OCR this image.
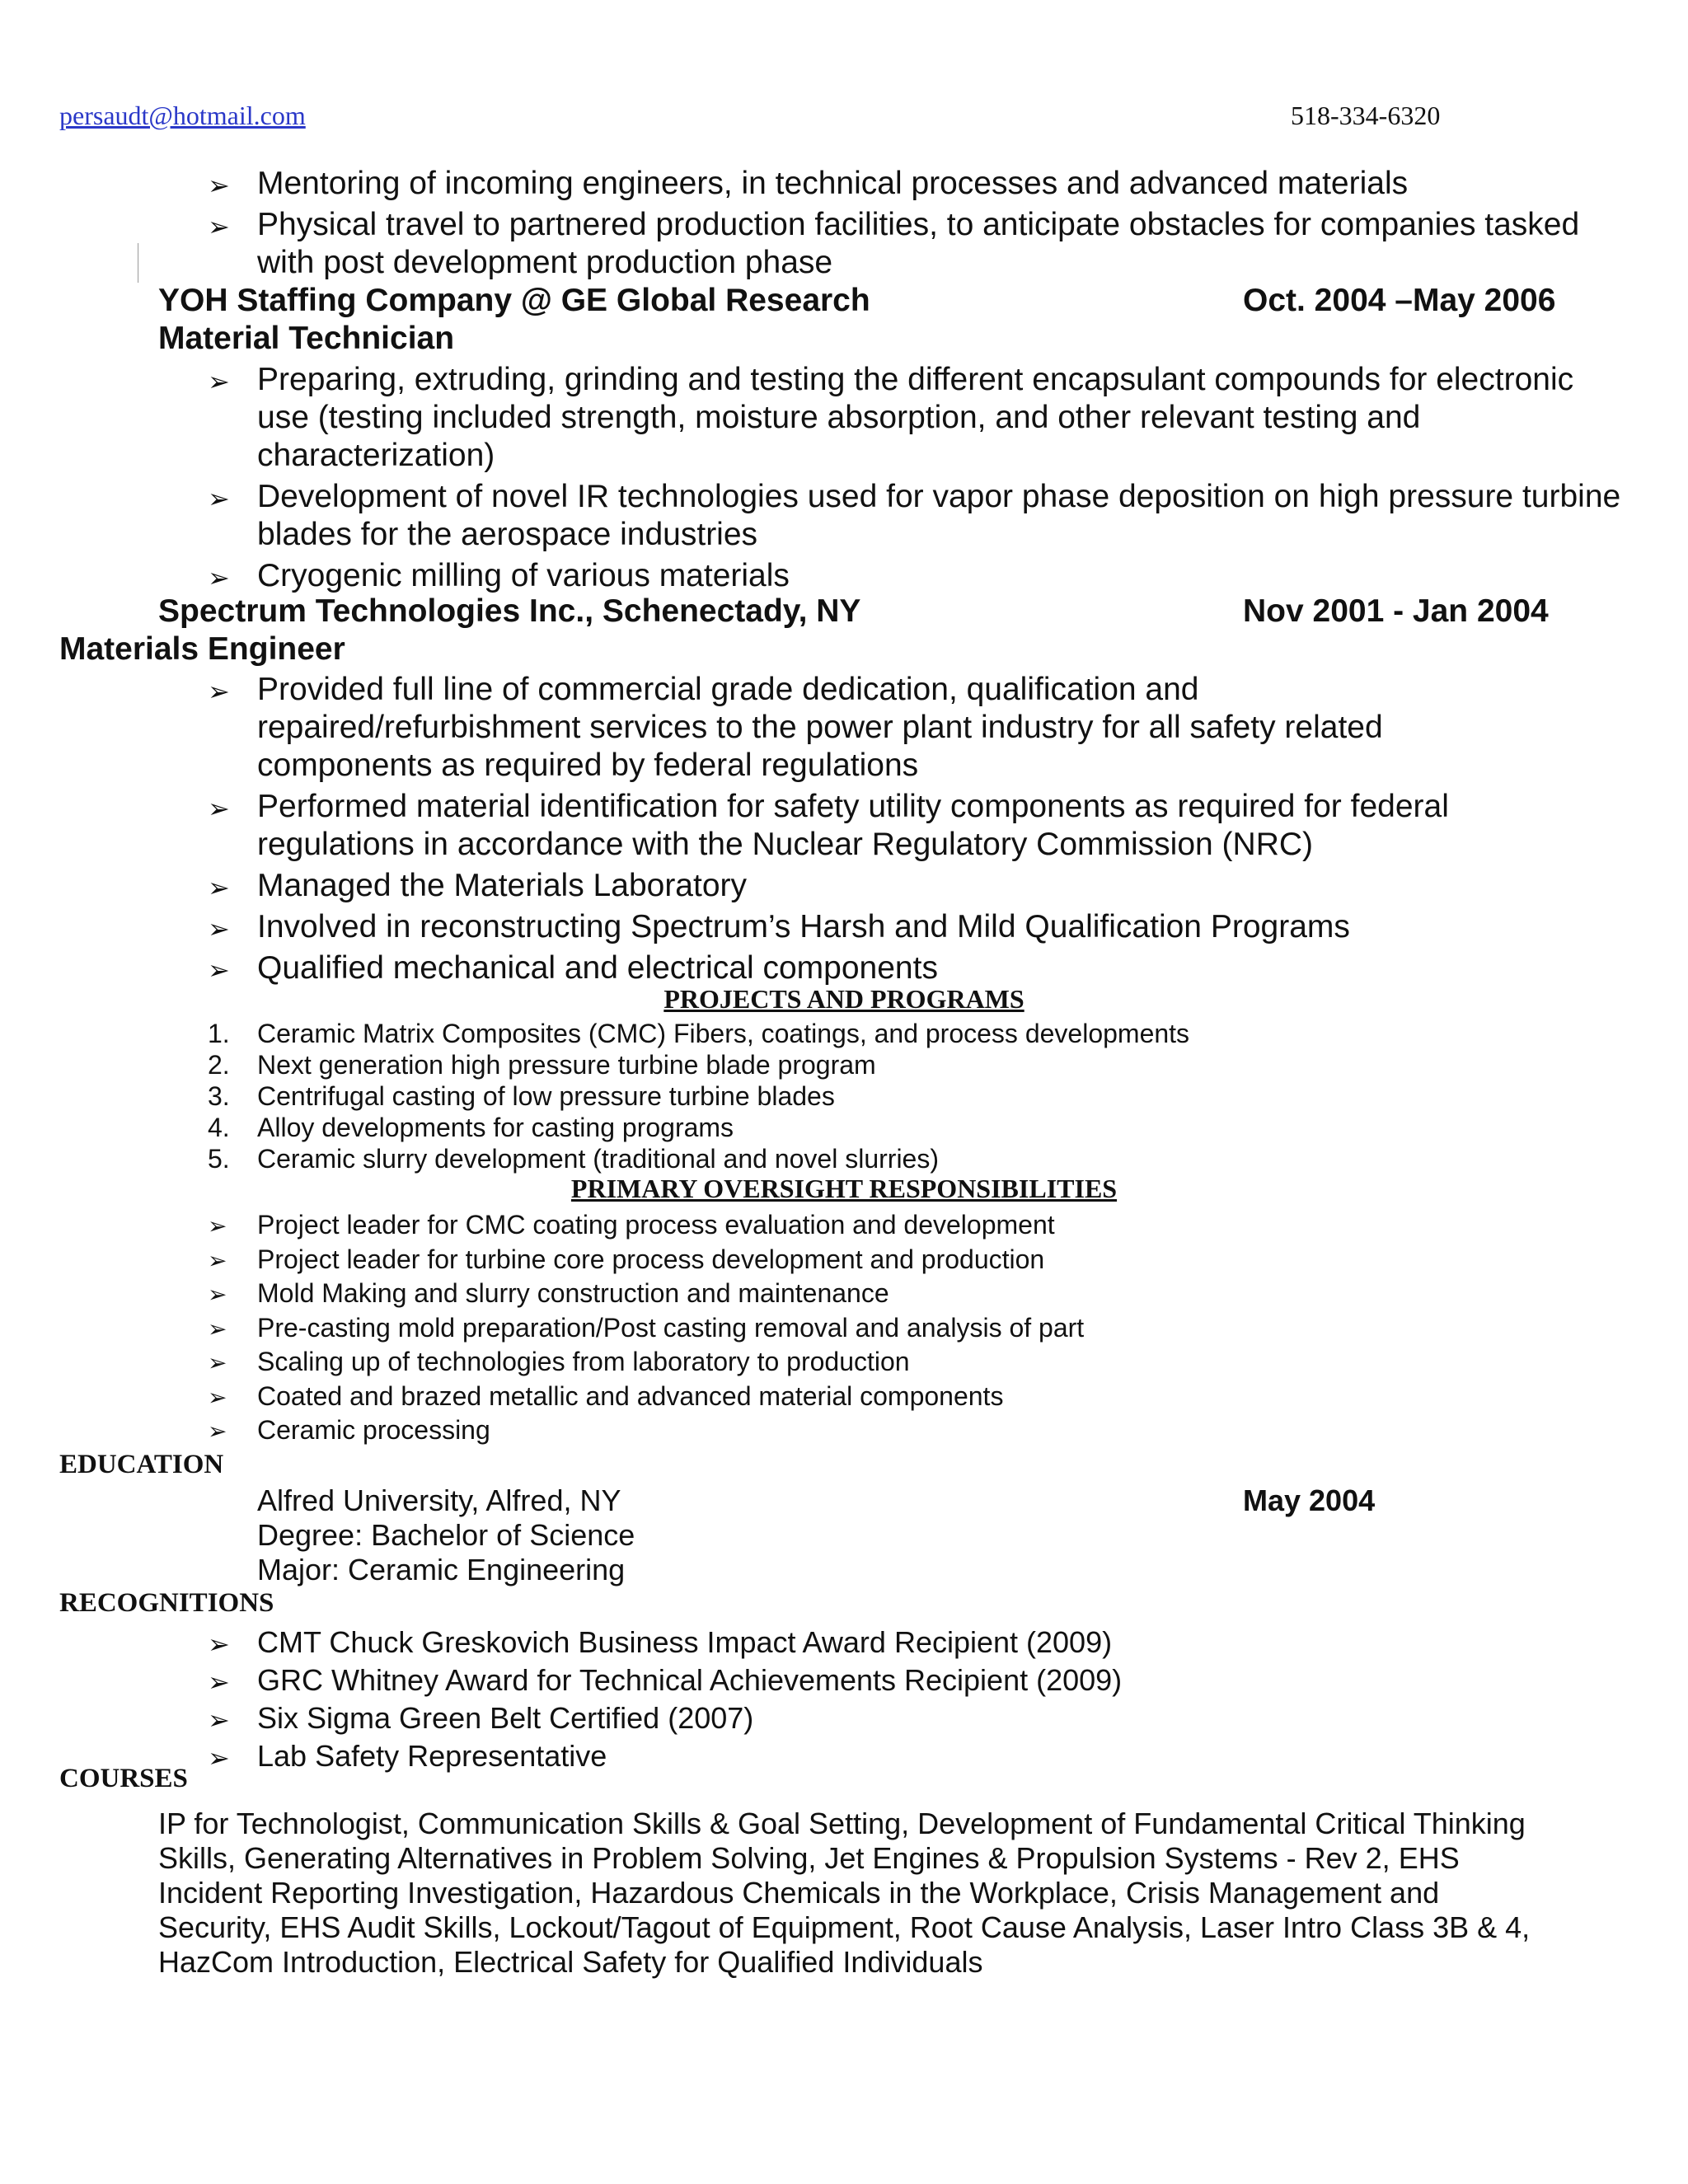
persaudt@hotmail.com	518-334-6320
➢ Mentoring of incoming engineers, in technical processes and advanced materials
➢ Physical travel to partnered production facilities, to anticipate obstacles for companies tasked with post development production phase
YOH Staffing Company @ GE Global Research	Oct. 2004 –May 2006
Material Technician
➢ Preparing, extruding, grinding and testing the different encapsulant compounds for electronic use (testing included strength, moisture absorption, and other relevant testing and characterization)
➢ Development of novel IR technologies used for vapor phase deposition on high pressure turbine blades for the aerospace industries
➢ Cryogenic milling of various materials
Spectrum Technologies Inc., Schenectady, NY	Nov 2001 - Jan 2004
Materials Engineer
➢ Provided full line of commercial grade dedication, qualification and repaired/refurbishment services to the power plant industry for all safety related components as required by federal regulations
➢ Performed material identification for safety utility components as required for federal regulations in accordance with the Nuclear Regulatory Commission (NRC)
➢ Managed the Materials Laboratory
➢ Involved in reconstructing Spectrum’s Harsh and Mild Qualification Programs
➢ Qualified mechanical and electrical components
PROJECTS AND PROGRAMS
1. Ceramic Matrix Composites (CMC) Fibers, coatings, and process developments
2. Next generation high pressure turbine blade program
3. Centrifugal casting of low pressure turbine blades
4. Alloy developments for casting programs
5. Ceramic slurry development (traditional and novel slurries)
PRIMARY OVERSIGHT RESPONSIBILITIES
➢ Project leader for CMC coating process evaluation and development
➢ Project leader for turbine core process development and production
➢ Mold Making and slurry construction and maintenance
➢ Pre-casting mold preparation/Post casting removal and analysis of part
➢ Scaling up of technologies from laboratory to production
➢ Coated and brazed metallic and advanced material components
➢ Ceramic processing
EDUCATION
Alfred University, Alfred, NY	May 2004
Degree: Bachelor of Science
Major: Ceramic Engineering
RECOGNITIONS
➢ CMT Chuck Greskovich Business Impact Award Recipient (2009)
➢ GRC Whitney Award for Technical Achievements Recipient (2009)
➢ Six Sigma Green Belt Certified (2007)
➢ Lab Safety Representative
COURSES
IP for Technologist, Communication Skills & Goal Setting, Development of Fundamental Critical Thinking Skills, Generating Alternatives in Problem Solving, Jet Engines & Propulsion Systems - Rev 2, EHS Incident Reporting Investigation, Hazardous Chemicals in the Workplace, Crisis Management and Security, EHS Audit Skills, Lockout/Tagout of Equipment, Root Cause Analysis, Laser Intro Class 3B & 4, HazCom Introduction, Electrical Safety for Qualified Individuals
